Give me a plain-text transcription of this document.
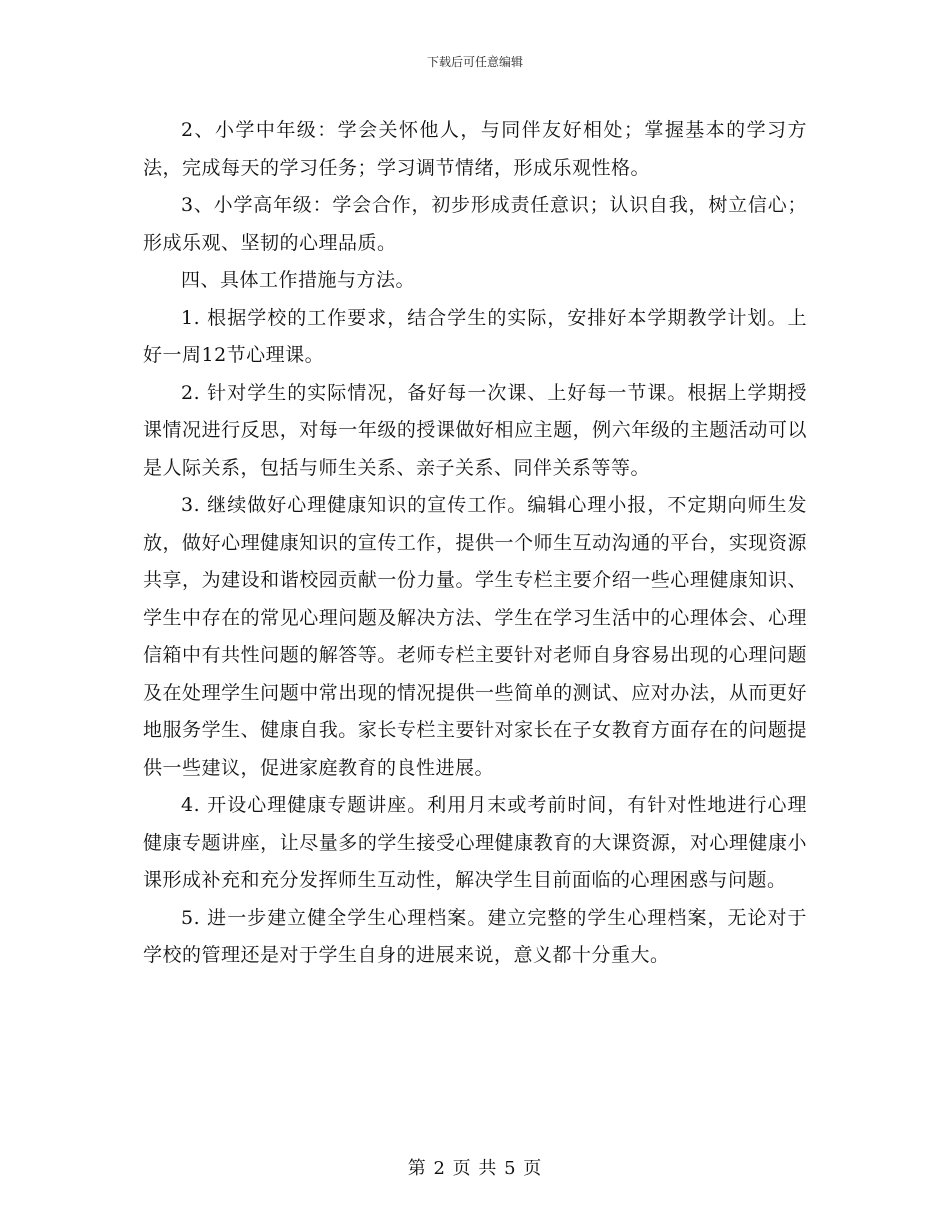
下载后可任意编辑

2、小学中年级：学会关怀他人，与同伴友好相处；掌握基本的学习方法，完成每天的学习任务；学习调节情绪，形成乐观性格。

3、小学高年级：学会合作，初步形成责任意识；认识自我，树立信心；形成乐观、坚韧的心理品质。

四、具体工作措施与方法。

1. 根据学校的工作要求，结合学生的实际，安排好本学期教学计划。上好一周12节心理课。

2. 针对学生的实际情况，备好每一次课、上好每一节课。根据上学期授课情况进行反思，对每一年级的授课做好相应主题，例六年级的主题活动可以是人际关系，包括与师生关系、亲子关系、同伴关系等等。

3. 继续做好心理健康知识的宣传工作。编辑心理小报，不定期向师生发放，做好心理健康知识的宣传工作，提供一个师生互动沟通的平台，实现资源共享，为建设和谐校园贡献一份力量。学生专栏主要介绍一些心理健康知识、学生中存在的常见心理问题及解决方法、学生在学习生活中的心理体会、心理信箱中有共性问题的解答等。老师专栏主要针对老师自身容易出现的心理问题及在处理学生问题中常出现的情况提供一些简单的测试、应对办法，从而更好地服务学生、健康自我。家长专栏主要针对家长在子女教育方面存在的问题提供一些建议，促进家庭教育的良性进展。

4. 开设心理健康专题讲座。利用月末或考前时间，有针对性地进行心理健康专题讲座，让尽量多的学生接受心理健康教育的大课资源，对心理健康小课形成补充和充分发挥师生互动性，解决学生目前面临的心理困惑与问题。

5. 进一步建立健全学生心理档案。建立完整的学生心理档案，无论对于学校的管理还是对于学生自身的进展来说，意义都十分重大。

第 2 页 共 5 页
